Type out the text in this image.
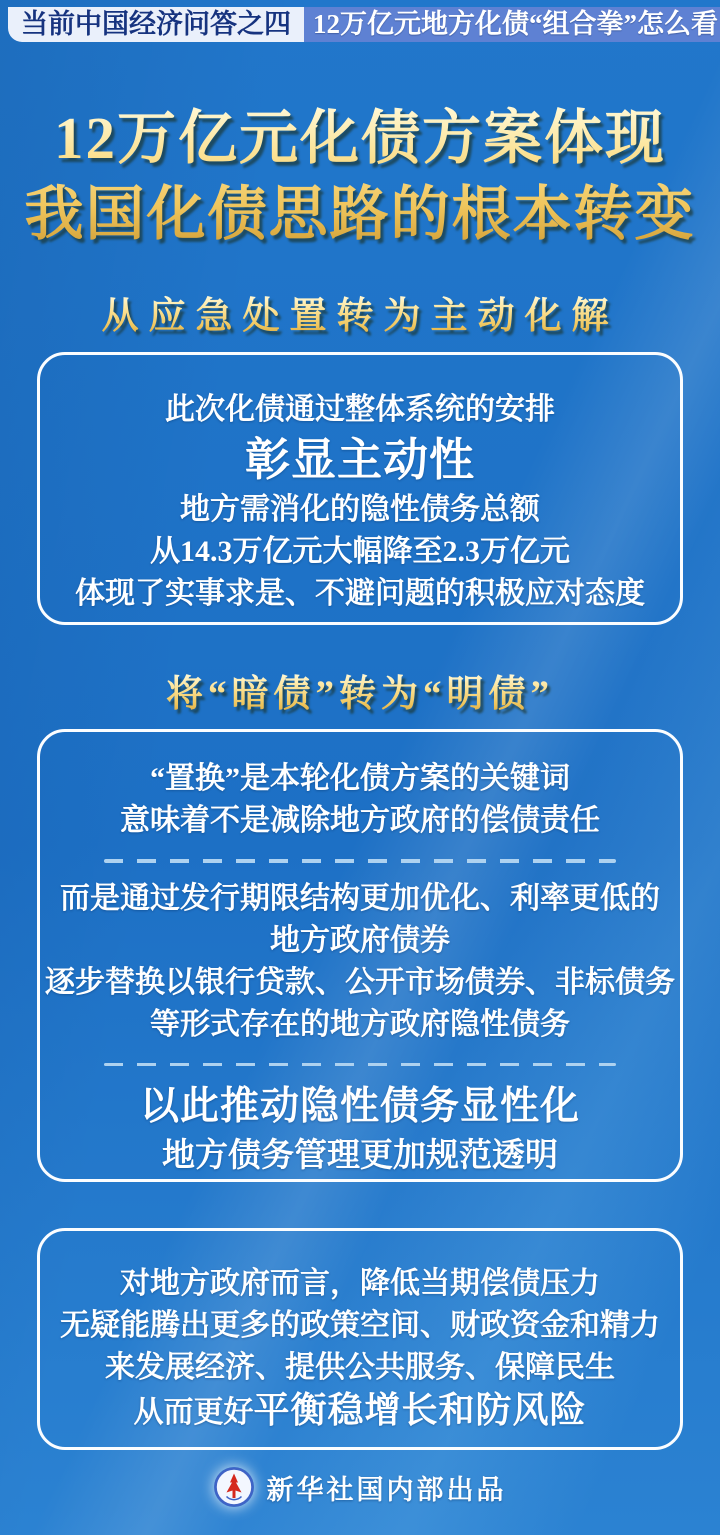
当前中国经济问答之四 12万亿元地方化债“组合拳”怎么看
12万亿元化债方案体现
我国化债思路的根本转变
从应急处置转为主动化解

此次化债通过整体系统的安排

彰显主动性

地方需消化的隐性债务总额

从14.3万亿元大幅降至2.3万亿元

体现了实事求是、不避问题的积极应对态度

将“暗债”转为“明债”

“置换”是本轮化债方案的关键词

意味着不是减除地方政府的偿债责任

而是通过发行期限结构更加优化、利率更低的

地方政府债券

逐步替换以银行贷款、公开市场债券、非标债务

等形式存在的地方政府隐性债务

以此推动隐性债务显性化

地方债务管理更加规范透明

对地方政府而言，降低当期偿债压力

无疑能腾出更多的政策空间、财政资金和精力

来发展经济、提供公共服务、保障民生

从而更好平衡稳增长和防风险

新华社国内部出品
